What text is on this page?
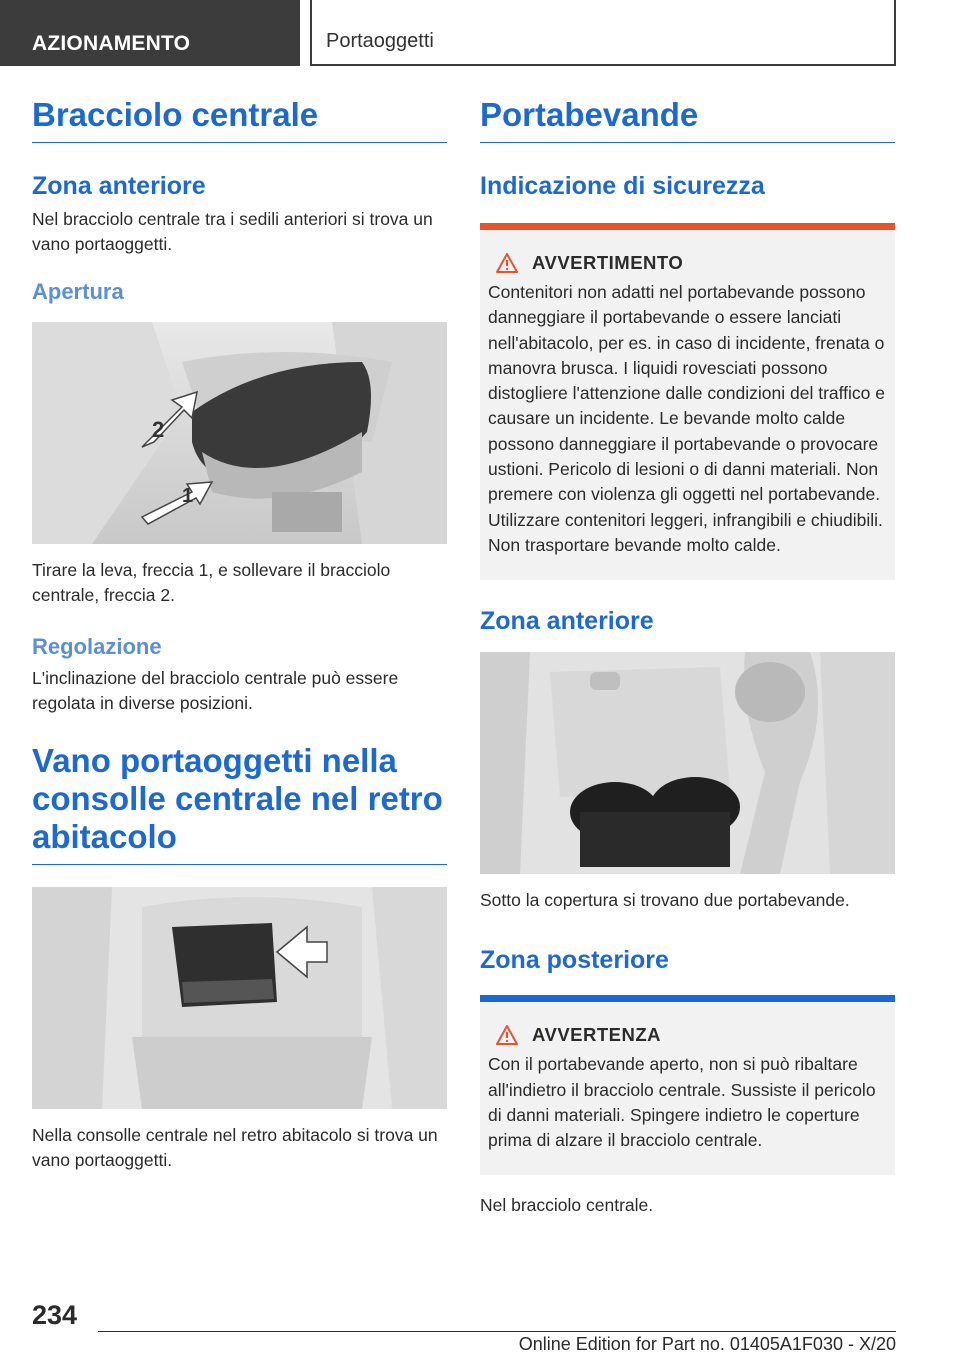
AZIONAMENTO	Portaoggetti
Bracciolo centrale
Zona anteriore

Nel bracciolo centrale tra i sedili anteriori si trova un vano portaoggetti.

Apertura
2
1

Tirare la leva, freccia 1, e sollevare il bracciolo centrale, freccia 2.

Regolazione

L'inclinazione del bracciolo centrale può essere regolata in diverse posizioni.

Vano portaoggetti nella consolle centrale nel retro abitacolo

Nella consolle centrale nel retro abitacolo si trova un vano portaoggetti.

Portabevande
Indicazione di sicurezza
AVVERTIMENTO

Contenitori non adatti nel portabevande possono danneggiare il portabevande o essere lanciati nell'abitacolo, per es. in caso di incidente, frenata o manovra brusca. I liquidi rovesciati possono distogliere l'attenzione dalle condizioni del traffico e causare un incidente. Le bevande molto calde possono danneggiare il portabevande o provocare ustioni. Pericolo di lesioni o di danni materiali. Non premere con violenza gli oggetti nel portabevande. Utilizzare contenitori leggeri, infrangibili e chiudibili. Non trasportare bevande molto calde.

Zona anteriore

Sotto la copertura si trovano due portabevande.

Zona posteriore
AVVERTENZA

Con il portabevande aperto, non si può ribaltare all'indietro il bracciolo centrale. Sussiste il pericolo di danni materiali. Spingere indietro le coperture prima di alzare il bracciolo centrale.

Nel bracciolo centrale.

234
Online Edition for Part no. 01405A1F030 - X/20
